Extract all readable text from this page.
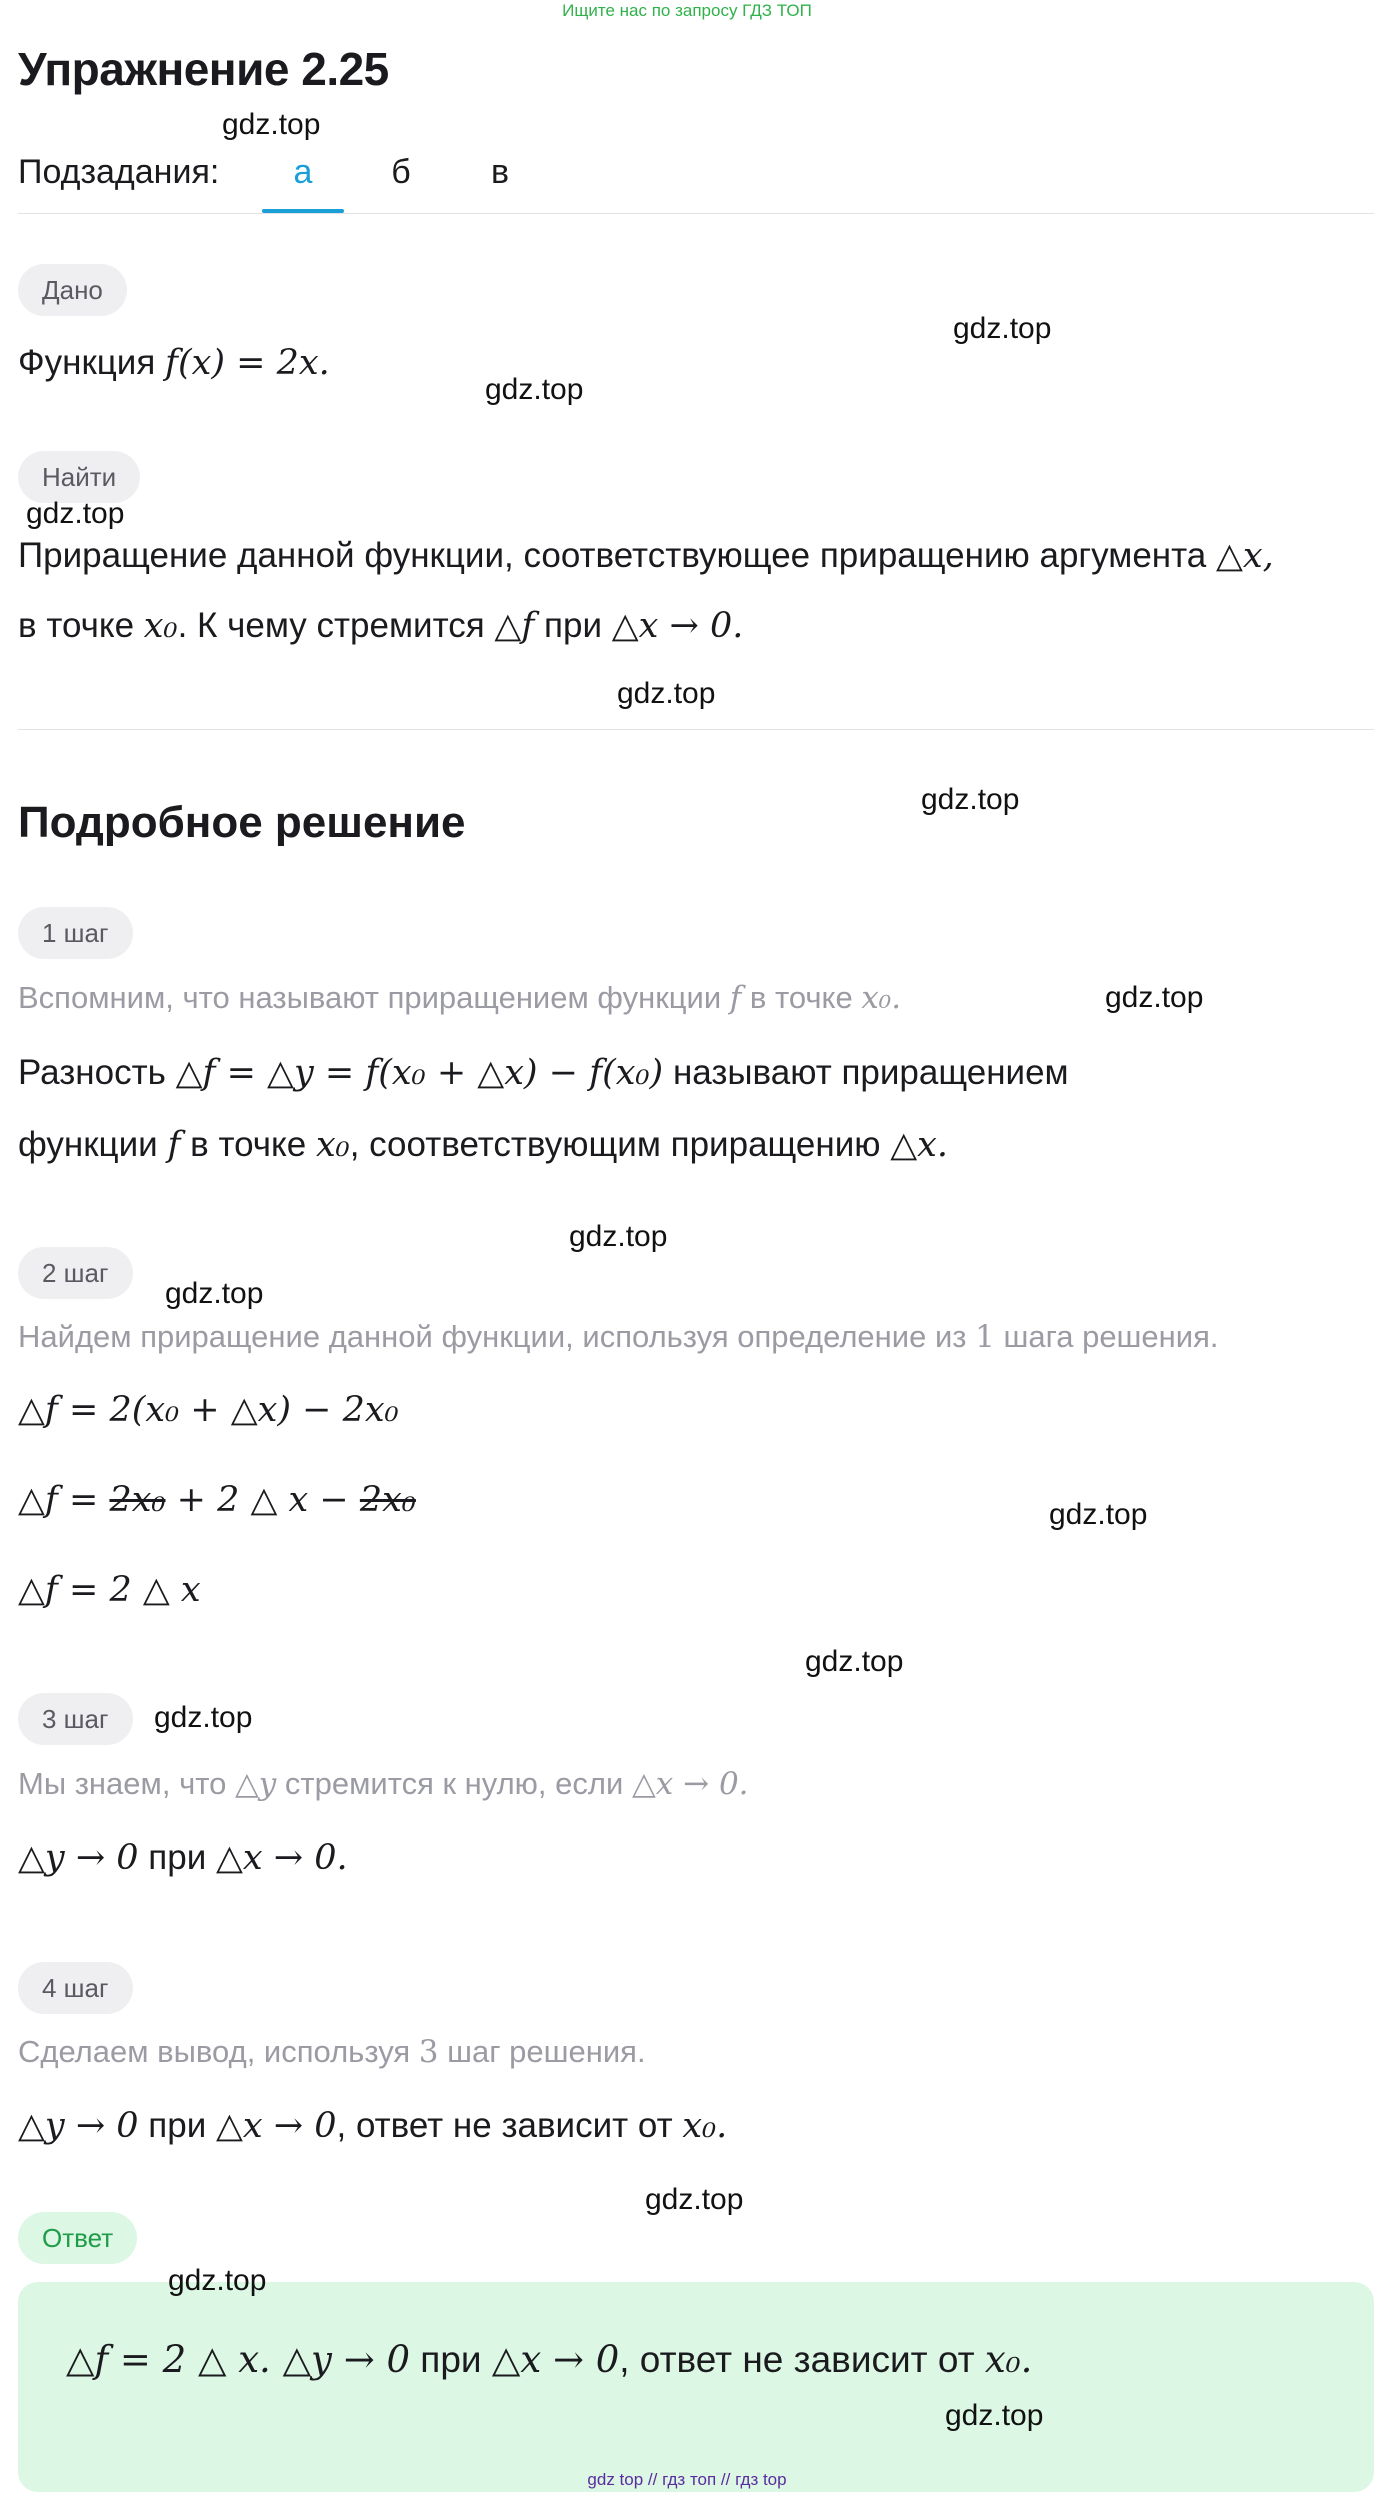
Ищите нас по запросу ГДЗ ТОП
Упражнение 2.25
Подзадания:	а	б	в
Дано
Функция f(x) = 2x.
Найти
Приращение данной функции, соответствующее приращению аргумента △x,
в точке x₀. К чему стремится △f при △x → 0.
Подробное решение
1 шаг
Вспомним, что называют приращением функции f в точке x₀.
Разность △f = △y = f(x₀ + △x) − f(x₀) называют приращением
функции f в точке x₀, соответствующим приращению △x.
2 шаг
Найдем приращение данной функции, используя определение из 1 шага решения.
△f = 2(x₀ + △x) − 2x₀
△f = 2x₀ + 2 △ x − 2x₀
△f = 2 △ x
3 шаг
Мы знаем, что △y стремится к нулю, если △x → 0.
△y → 0 при △x → 0.
4 шаг
Сделаем вывод, используя 3 шаг решения.
△y → 0 при △x → 0, ответ не зависит от x₀.
Ответ
△f = 2 △ x. △y → 0 при △x → 0, ответ не зависит от x₀.
gdz.top
gdz.top
gdz.top
gdz.top
gdz.top
gdz.top
gdz.top
gdz.top
gdz.top
gdz.top
gdz.top
gdz.top
gdz.top
gdz.top
gdz.top
gdz top // гдз топ // гдз top
